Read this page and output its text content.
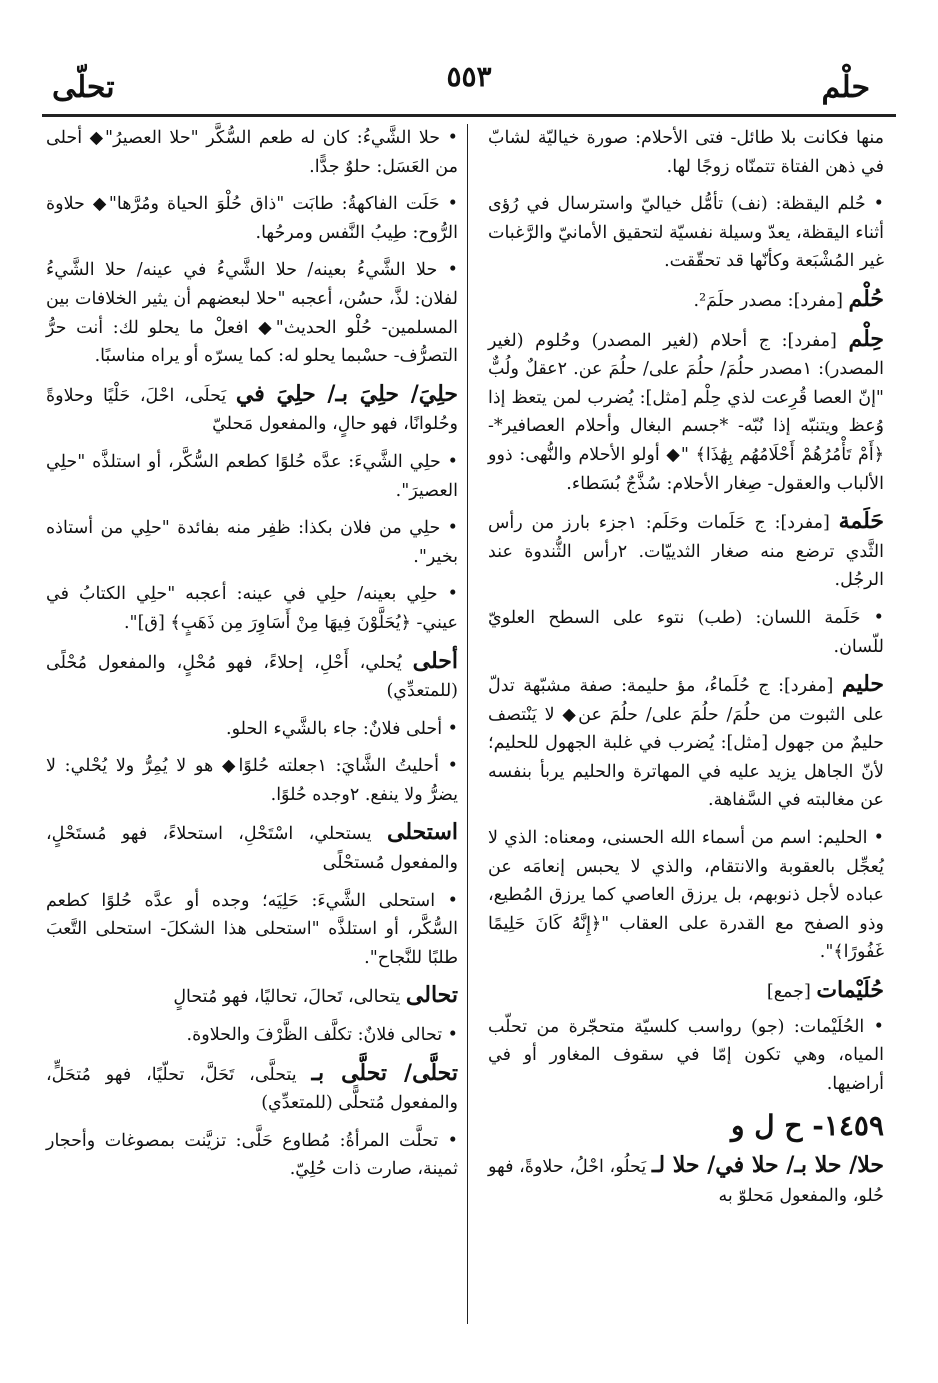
حلْم
٥٥٣
تحلّى

منها فكانت بلا طائل- فتى الأحلام: صورة خياليّة لشابّ في ذهن الفتاة تتمنّاه زوجًا لها.

• حُلم اليقظة: (نف) تأمُّل خياليّ واسترسال في رُؤى أثناء اليقظة، يعدّ وسيلة نفسيّة لتحقيق الأمانيّ والرَّغبات غير المُشْبَعة وكأنّها قد تحقّقت.

حُلْم [مفرد]: مصدر حلَمَ².

حِلْم [مفرد]: ج أحلام (لغير المصدر) وحُلوم (لغير المصدر): ١مصدر حلُمَ/ حلُمَ على/ حلُمَ عن. ٢عقلٌ ولُبٌّ "إنّ العصا قُرِعت لذي حِلْم [مثل]: يُضرب لمن يتعظ إذا وُعظ ويتنبّه إذا نُبّه- *جسم البغال وأحلام العصافير*- ﴿أَمْ تَأْمُرُهُمْ أَحْلَامُهُم بِهَٰذَا﴾ "◆ أولو الأحلام والنُّهى: ذوو الألباب والعقول- صِغار الأحلام: سُذَّجٌ بُسَطاء.

حَلَمة [مفرد]: ج حَلَمات وحَلَم: ١جزء بارز من رأس الثَّدي ترضع منه صغار الثدييّات. ٢رأس الثُّندوة عند الرجُل.

• حَلَمة اللسان: (طب) نتوء على السطح العلويّ للّسان.

حليم [مفرد]: ج حُلَماءُ، مؤ حليمة: صفة مشبّهة تدلّ على الثبوت من حلُمَ/ حلُمَ على/ حلُمَ عن◆ لا يَنْتصف حليمٌ من جهول [مثل]: يُضرب في غلبة الجهول للحليم؛ لأنّ الجاهل يزيد عليه في المهاترة والحليم يربأ بنفسه عن مغالبته في السَّفاهة.

• الحليم: اسم من أسماء الله الحسنى، ومعناه: الذي لا يُعجِّل بالعقوبة والانتقام، والذي لا يحبس إنعامَه عن عباده لأجل ذنوبهم، بل يرزق العاصي كما يرزق المُطيع، وذو الصفح مع القدرة على العقاب "﴿إِنَّهُ كَانَ حَلِيمًا غَفُورًا﴾".

حُلَيْمات [جمع]

• الحُلَيْمات: (جو) رواسب كلسيّة متحجّرة من تحلّب المياه، وهي تكون إمّا في سقوف المغاور أو في أراضيها.

١٤٥٩- ح ل و

حلا/ حلا بـ/ حلا في/ حلا لـ يَحلُو، احْلُ، حلاوةً، فهو حُلو، والمفعول مَحلوّ به

• حلا الشَّيءُ: كان له طعم السُّكَّر "حلا العصيرُ"◆ أحلى من العَسَل: حلوٌ جدًّا.

• حَلَت الفاكهةُ: طابَت "ذاق حُلْوَ الحياة ومُرَّها"◆ حلاوة الرُّوح: طِيبُ النَّفس ومرحُها.

• حلا الشَّيءُ بعينه/ حلا الشَّيءُ في عينه/ حلا الشَّيءُ لفلان: لذَّ، حسُن، أعجبه "حلا لبعضهم أن يثير الخلافات بين المسلمين- حُلْو الحديث"◆ افعلْ ما يحلو لك: أنت حرُّ التصرُّف- حسْبما يحلو له: كما يسرّه أو يراه مناسبًا.

حلِيَ/ حلِيَ بـ/ حلِيَ في يَحلَى، احْلَ، حَلْيًا وحلاوةً وحُلوانًا، فهو حالٍ، والمفعول مَحليّ

• حلِي الشَّيءَ: عدَّه حُلوًا كطعم السُّكَّر، أو استلذَّه "حلِي العصيرَ".

• حلِي من فلان بكذا: ظفِر منه بفائدة "حلِي من أستاذه بخير".

• حلِي بعينه/ حلِي في عينه: أعجبه "حلِي الكتابُ في عيني- ﴿يُحَلَّوْنَ فِيهَا مِنْ أَسَاوِرَ مِن ذَهَبٍ﴾ [ق]".

أحلى يُحلي، أَحْلِ، إحلاءً، فهو مُحْلٍ، والمفعول مُحْلًى (للمتعدِّي)

• أحلى فلانٌ: جاء بالشَّيء الحلو.

• أحليتُ الشَّايَ: ١جعلته حُلوًا◆ هو لا يُمِرُّ ولا يُحْلي: لا يضرُّ ولا ينفع. ٢وجده حُلوًا.

استحلى يستحلي، اسْتَحْلِ، استحلاءً، فهو مُستَحْلٍ، والمفعول مُستحْلًى

• استحلى الشَّيءَ: حَلِيَه؛ وجده أو عدَّه حُلوًا كطعم السُّكَّر، أو استلذَّه "استحلى هذا الشكلَ- استحلى التَّعبَ طلبًا للنَّجاح".

تحالى يتحالى، تَحالَ، تحاليًا، فهو مُتحالٍ

• تحالى فلانٌ: تكلَّف الظَّرْفَ والحلاوة.

تحلَّى/ تحلَّى بـ يتحلَّى، تَحَلَّ، تحلّيًا، فهو مُتحَلٍّ، والمفعول مُتحلًّى (للمتعدِّي)

• تحلَّت المرأةُ: مُطاوع حَلَّى: تزيَّنت بمصوغات وأحجار ثمينة، صارت ذات حُلِيّ.
